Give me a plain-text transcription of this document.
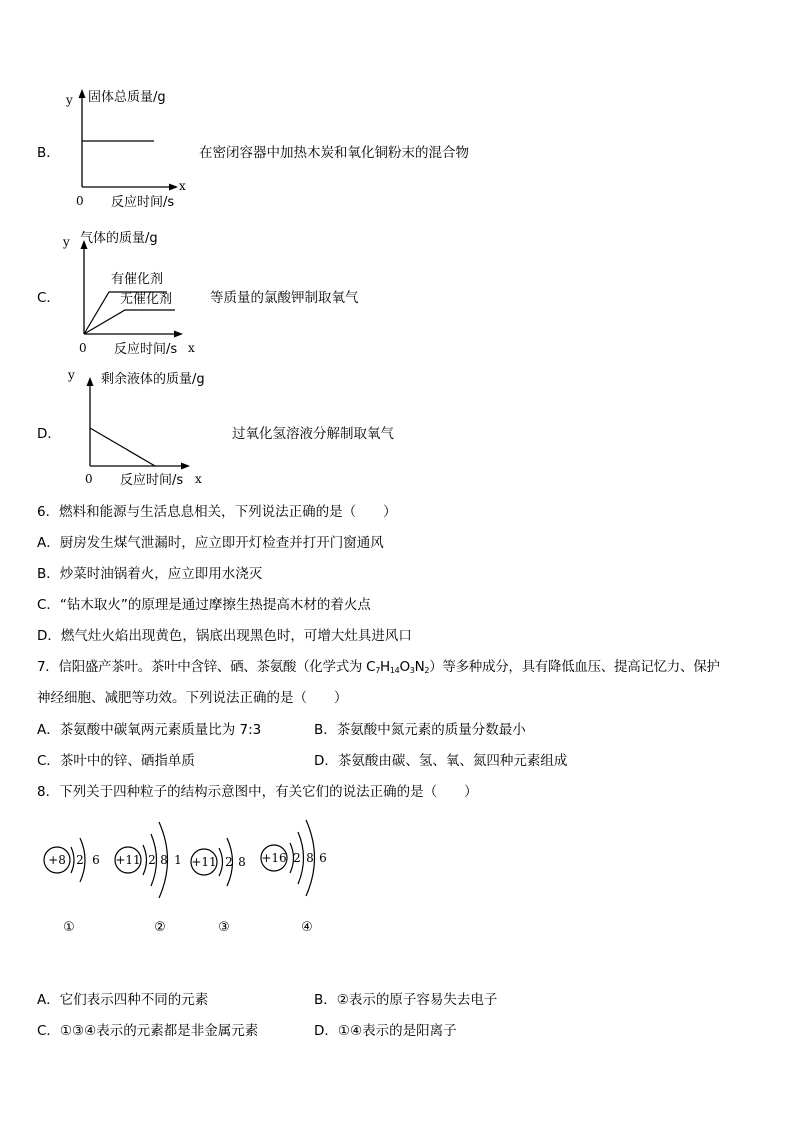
B．
y 固体总质量/g
x
0 反应时间/s
在密闭容器中加热木炭和氧化铜粉末的混合物
C．
y 气体的质量/g
有催化剂
无催化剂
x
0 反应时间/s
等质量的氯酸钾制取氧气
D．
y 剩余液体的质量/g
x
0 反应时间/s
过氧化氢溶液分解制取氧气
6．燃料和能源与生活息息相关，下列说法正确的是（　　）
A．厨房发生煤气泄漏时，应立即开灯检查并打开门窗通风
B．炒菜时油锅着火，应立即用水浇灭
C．“钻木取火”的原理是通过摩擦生热提高木材的着火点
D．燃气灶火焰出现黄色，锅底出现黑色时，可增大灶具进风口
7．信阳盛产茶叶。茶叶中含锌、硒、茶氨酸（化学式为 $C_7H_{14}O_3N_2$）等多种成分，具有降低血压、提高记忆力、保护
神经细胞、减肥等功效。下列说法正确的是（　　）
A．茶氨酸中碳氧两元素质量比为 7:3	B．茶氨酸中氮元素的质量分数最小
C．茶叶中的锌、硒指单质	D．茶氨酸由碳、氢、氧、氮四种元素组成
8．下列关于四种粒子的结构示意图中，有关它们的说法正确的是（　　）
+8 2 6
①
+11 2 8 1
②
+11 2 8
③
+16 2 8 6
④
A．它们表示四种不同的元素	B．②表示的原子容易失去电子
C．①③④表示的元素都是非金属元素	D．①④表示的是阳离子
